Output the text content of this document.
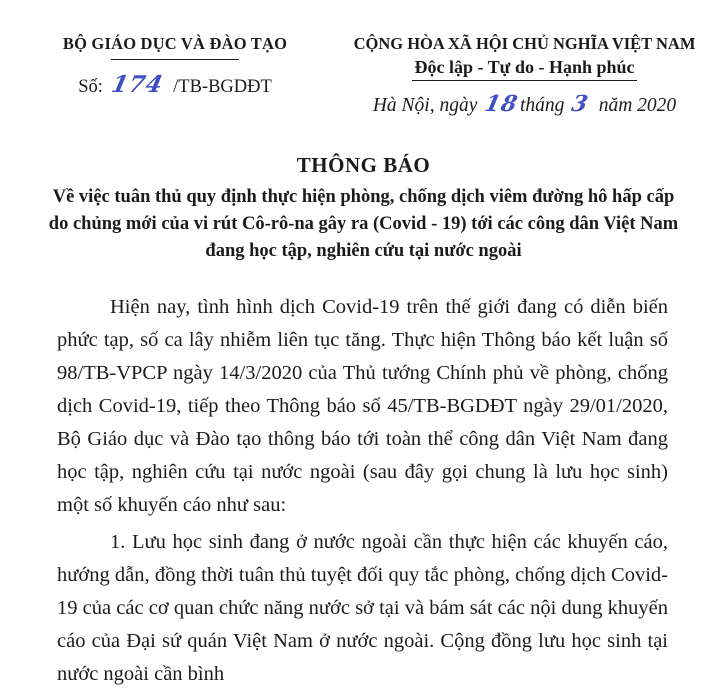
BỘ GIÁO DỤC VÀ ĐÀO TẠO
Số: 174 /TB-BGDĐT
CỘNG HÒA XÃ HỘI CHỦ NGHĨA VIỆT NAM
Độc lập - Tự do - Hạnh phúc
Hà Nội, ngày 18tháng 3 năm 2020
THÔNG BÁO
Về việc tuân thủ quy định thực hiện phòng, chống dịch viêm đường hô hấp cấp do chủng mới của vi rút Cô-rô-na gây ra (Covid - 19) tới các công dân Việt Nam đang học tập, nghiên cứu tại nước ngoài

Hiện nay, tình hình dịch Covid-19 trên thế giới đang có diễn biến phức tạp, số ca lây nhiễm liên tục tăng. Thực hiện Thông báo kết luận số 98/TB-VPCP ngày 14/3/2020 của Thủ tướng Chính phủ về phòng, chống dịch Covid-19, tiếp theo Thông báo số 45/TB-BGDĐT ngày 29/01/2020, Bộ Giáo dục và Đào tạo thông báo tới toàn thể công dân Việt Nam đang học tập, nghiên cứu tại nước ngoài (sau đây gọi chung là lưu học sinh) một số khuyến cáo như sau:

1. Lưu học sinh đang ở nước ngoài cần thực hiện các khuyến cáo, hướng dẫn, đồng thời tuân thủ tuyệt đối quy tắc phòng, chống dịch Covid-19 của các cơ quan chức năng nước sở tại và bám sát các nội dung khuyến cáo của Đại sứ quán Việt Nam ở nước ngoài. Cộng đồng lưu học sinh tại nước ngoài cần bình
